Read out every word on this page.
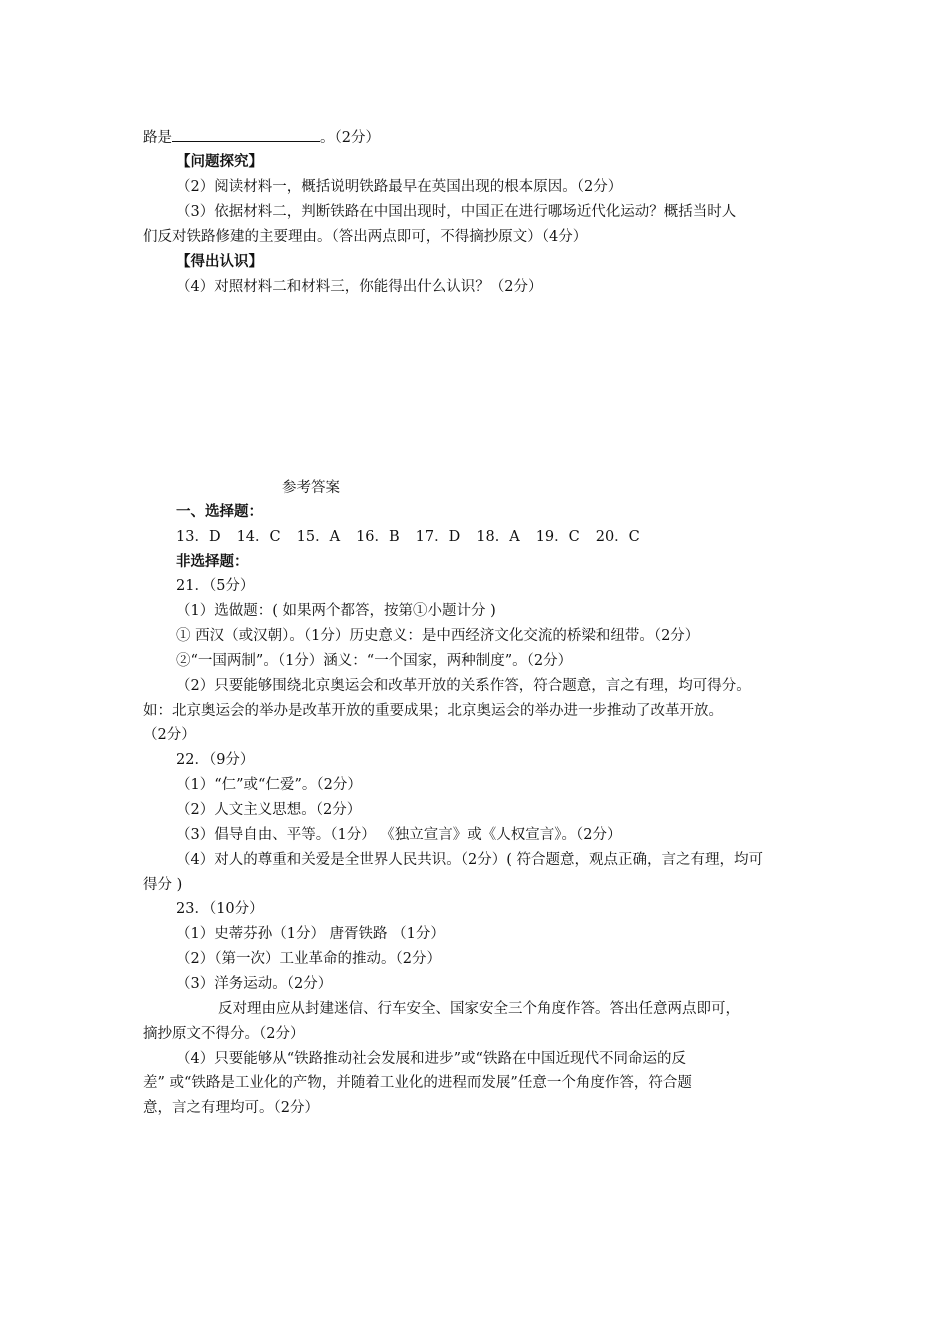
路是	。（2分）
【问题探究】
（2）阅读材料一，概括说明铁路最早在英国出现的根本原因。（2分）
（3）依据材料二，判断铁路在中国出现时，中国正在进行哪场近代化运动？概括当时人
们反对铁路修建的主要理由。（答出两点即可，不得摘抄原文）（4分）
【得出认识】
（4）对照材料二和材料三，你能得出什么认识？（2分）
参考答案
一、选择题：
13．D 14．C 15．A 16．B 17．D 18．A 19．C 20．C
非选择题：
21．（5分）
（1）选做题：( 如果两个都答，按第①小题计分 )
① 西汉（或汉朝）。（1分）历史意义：是中西经济文化交流的桥梁和纽带。（2分）
②“一国两制”。（1分）涵义：“一个国家，两种制度”。（2分）
（2）只要能够围绕北京奥运会和改革开放的关系作答，符合题意，言之有理，均可得分。
如：北京奥运会的举办是改革开放的重要成果；北京奥运会的举办进一步推动了改革开放。
（2分）
22．（9分）
（1）“仁”或“仁爱”。（2分）
（2）人文主义思想。（2分）
（3）倡导自由、平等。（1分） 《独立宣言》或《人权宣言》。（2分）
（4）对人的尊重和关爱是全世界人民共识。（2分）( 符合题意，观点正确，言之有理，均可
得分 )
23．（10分）
（1）史蒂芬孙（1分） 唐胥铁路 （1分）
（2）（第一次）工业革命的推动。（2分）
（3）洋务运动。（2分）
反对理由应从封建迷信、行车安全、国家安全三个角度作答。答出任意两点即可，
摘抄原文不得分。（2分）
（4）只要能够从“铁路推动社会发展和进步”或“铁路在中国近现代不同命运的反
差” 或“铁路是工业化的产物，并随着工业化的进程而发展”任意一个角度作答，符合题
意，言之有理均可。（2分）
